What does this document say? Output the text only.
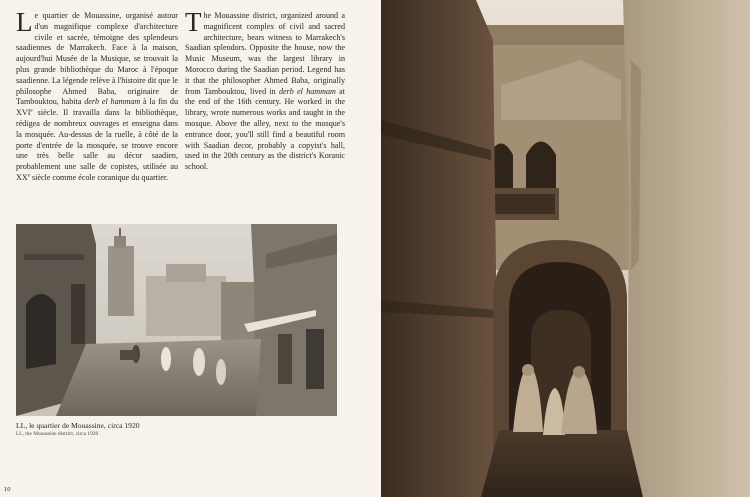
Le quartier de Mouassine, organisé autour d'un magnifique complexe d'architecture civile et sacrée, témoigne des splendeurs saadiennes de Marrakech. Face à la maison, aujourd'hui Musée de la Musique, se trouvait la plus grande bibliothèque du Maroc à l'époque saadienne. La légende relève à l'histoire dit que le philosophe Ahmed Baba, originaire de Tambouktou, habita derb el hammam à la fin du XVIe siècle. Il travailla dans la bibliothèque, rédigea de nombreux ouvrages et enseigna dans la mosquée. Au-dessus de la ruelle, à côté de la porte d'entrée de la mosquée, se trouve encore une très belle salle au décor saadien, probablement une salle de copistes, utilisée au XXe siècle comme école coranique du quartier.

The Mouassine district, organized around a magnificent complex of civil and sacred architecture, bears witness to Marrakech's Saadian splendors. Opposite the house, now the Music Museum, was the largest library in Morocco during the Saadian period. Legend has it that the philosopher Ahmed Baba, originally from Tambouktou, lived in derb el hammam at the end of the 16th century. He worked in the library, wrote numerous works and taught in the mosque. Above the alley, next to the mosque's entrance door, you'll still find a beautiful room with Saadian decor, probably a copyist's hall, used in the 20th century as the district's Koranic school.

LL, le quartier de Mouassine, circa 1920
LL, the Mouassine district, circa 1920
10
